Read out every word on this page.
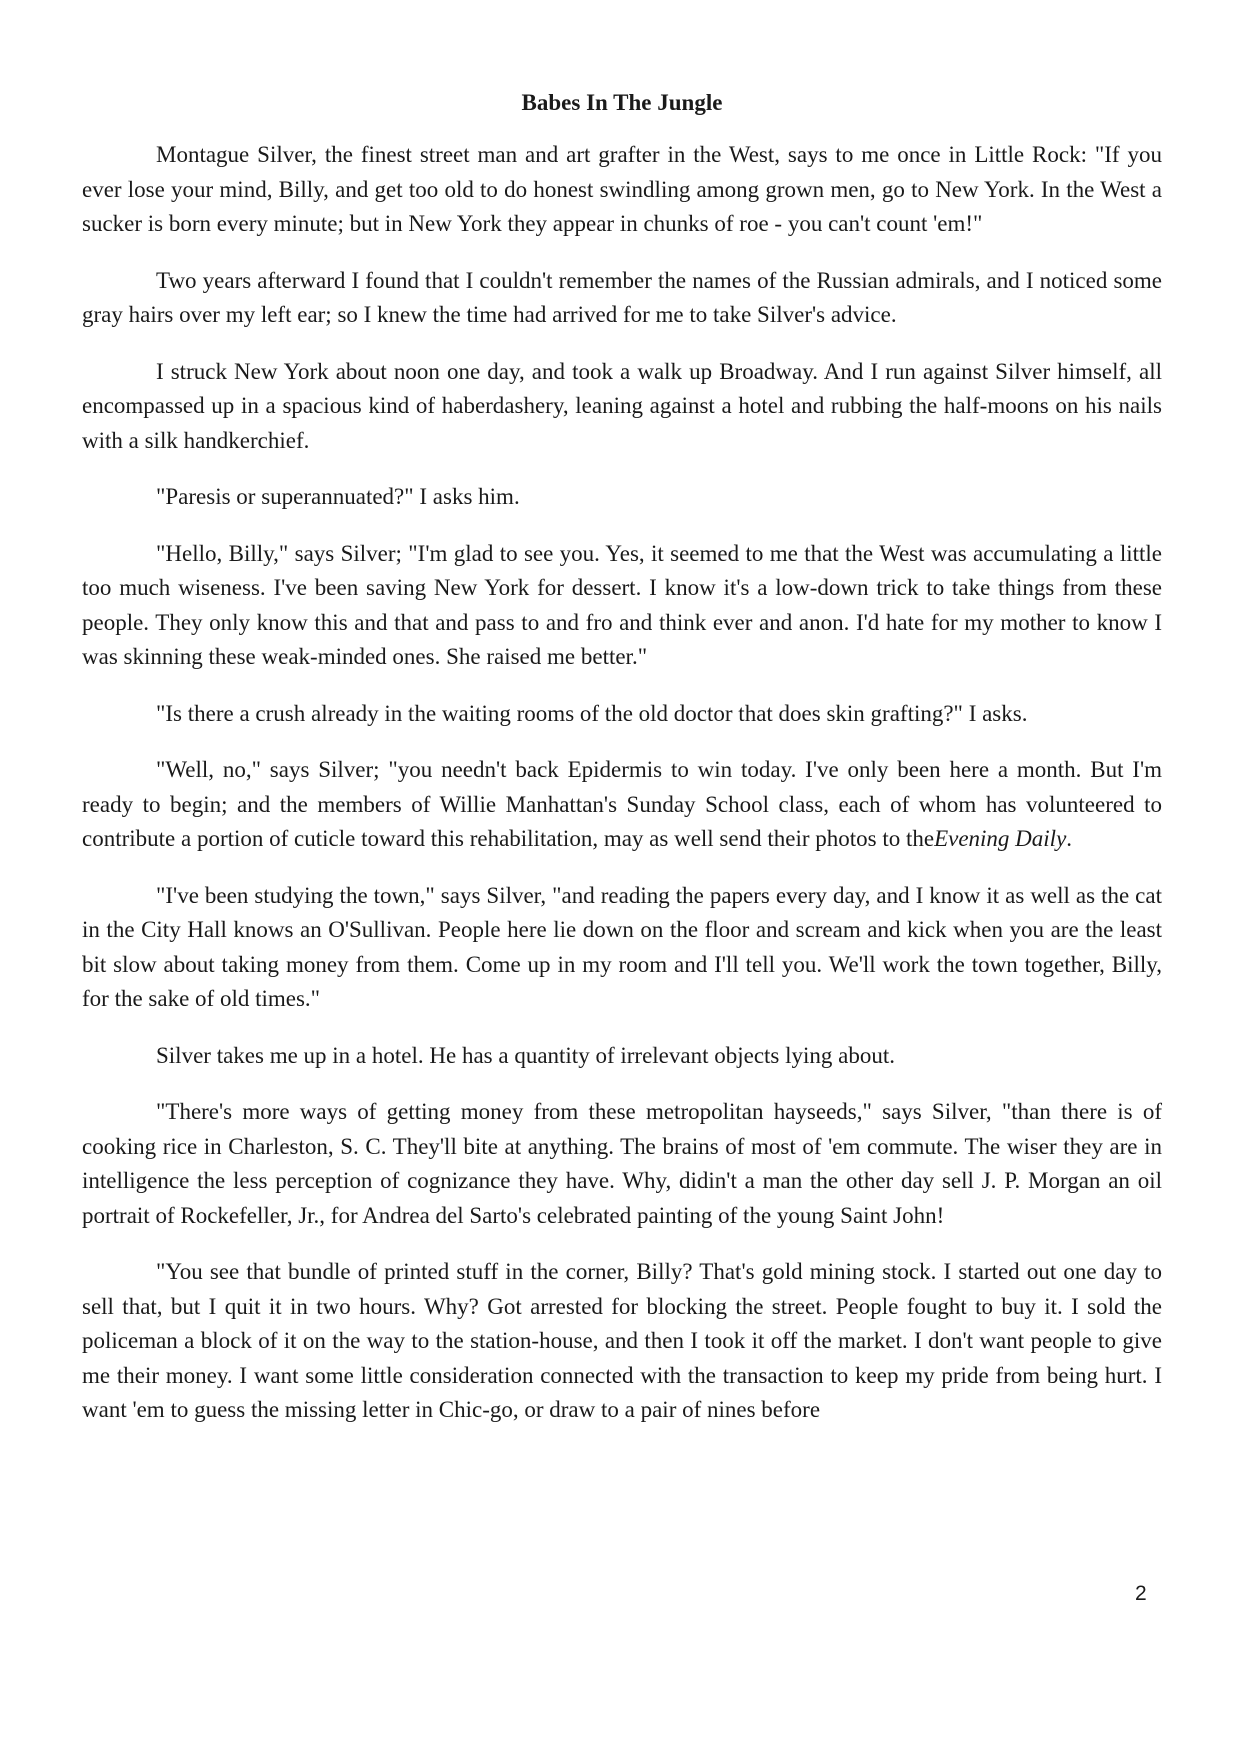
Babes In The Jungle

Montague Silver, the finest street man and art grafter in the West, says to me once in Little Rock: "If you ever lose your mind, Billy, and get too old to do honest swindling among grown men, go to New York. In the West a sucker is born every minute; but in New York they appear in chunks of roe - you can't count 'em!"

Two years afterward I found that I couldn't remember the names of the Russian admirals, and I noticed some gray hairs over my left ear; so I knew the time had arrived for me to take Silver's advice.

I struck New York about noon one day, and took a walk up Broadway. And I run against Silver himself, all encompassed up in a spacious kind of haberdashery, leaning against a hotel and rubbing the half-moons on his nails with a silk handkerchief.

"Paresis or superannuated?" I asks him.

"Hello, Billy," says Silver; "I'm glad to see you. Yes, it seemed to me that the West was accumulating a little too much wiseness. I've been saving New York for dessert. I know it's a low-down trick to take things from these people. They only know this and that and pass to and fro and think ever and anon. I'd hate for my mother to know I was skinning these weak-minded ones. She raised me better."

"Is there a crush already in the waiting rooms of the old doctor that does skin grafting?" I asks.

"Well, no," says Silver; "you needn't back Epidermis to win today. I've only been here a month. But I'm ready to begin; and the members of Willie Manhattan's Sunday School class, each of whom has volunteered to contribute a portion of cuticle toward this rehabilitation, may as well send their photos to theEvening Daily.

"I've been studying the town," says Silver, "and reading the papers every day, and I know it as well as the cat in the City Hall knows an O'Sullivan. People here lie down on the floor and scream and kick when you are the least bit slow about taking money from them. Come up in my room and I'll tell you. We'll work the town together, Billy, for the sake of old times."

Silver takes me up in a hotel. He has a quantity of irrelevant objects lying about.

"There's more ways of getting money from these metropolitan hayseeds," says Silver, "than there is of cooking rice in Charleston, S. C. They'll bite at anything. The brains of most of 'em commute. The wiser they are in intelligence the less perception of cognizance they have. Why, didin't a man the other day sell J. P. Morgan an oil portrait of Rockefeller, Jr., for Andrea del Sarto's celebrated painting of the young Saint John!

"You see that bundle of printed stuff in the corner, Billy? That's gold mining stock. I started out one day to sell that, but I quit it in two hours. Why? Got arrested for blocking the street. People fought to buy it. I sold the policeman a block of it on the way to the station-house, and then I took it off the market. I don't want people to give me their money. I want some little consideration connected with the transaction to keep my pride from being hurt. I want 'em to guess the missing letter in Chic-go, or draw to a pair of nines before

2
